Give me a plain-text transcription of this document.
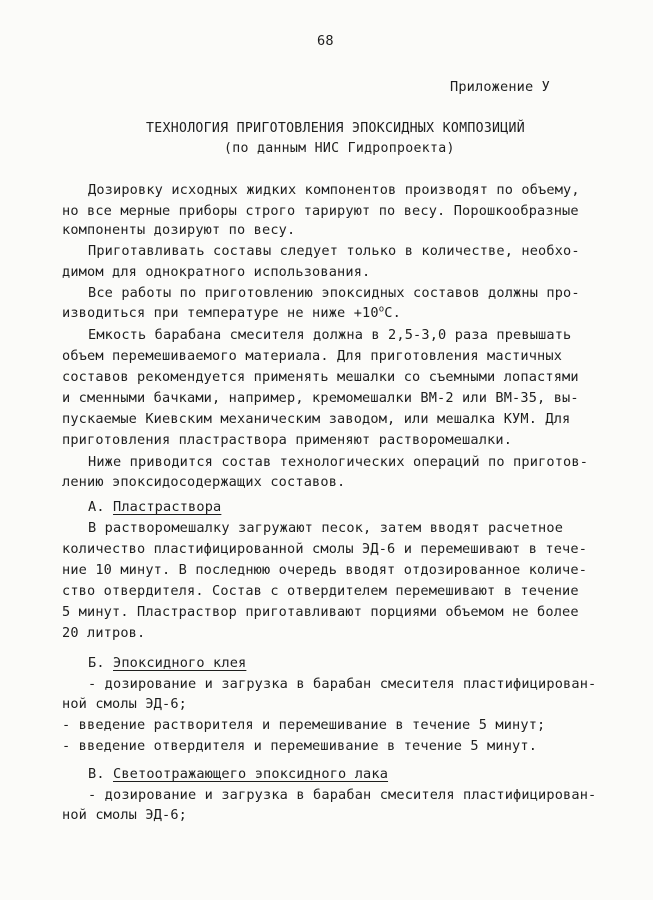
68
Приложение У
ТЕХНОЛОГИЯ ПРИГОТОВЛЕНИЯ ЭПОКСИДНЫХ КОМПОЗИЦИЙ
(по данным НИС Гидропроекта)
Дозировку исходных жидких компонентов производят по объему,
но все мерные приборы строго тарируют по весу. Порошкообразные
компоненты дозируют по весу.
Приготавливать составы следует только в количестве, необхо-
димом для однократного использования.
Все работы по приготовлению эпоксидных составов должны про-
изводиться при температуре не ниже $+10^оС$.
Емкость барабана смесителя должна в 2,5-3,0 раза превышать
объем перемешиваемого материала. Для приготовления мастичных
составов рекомендуется применять мешалки со съемными лопастями
и сменными бачками, например, кремомешалки ВМ-2 или ВМ-35, вы-
пускаемые Киевским механическим заводом, или мешалка КУМ. Для
приготовления пластраствора применяют растворомешалки.
Ниже приводится состав технологических операций по приготов-
лению эпоксидосодержащих составов.
А. Пластраствора
В растворомешалку загружают песок, затем вводят расчетное
количество пластифицированной смолы ЭД-6 и перемешивают в тече-
ние 10 минут. В последнюю очередь вводят отдозированное количе-
ство отвердителя. Состав с отвердителем перемешивают в течение
5 минут. Пластраствор приготавливают порциями объемом не более
20 литров.
Б. Эпоксидного клея
- дозирование и загрузка в барабан смесителя пластифицирован-
ной смолы ЭД-6;
- введение растворителя и перемешивание в течение 5 минут;
- введение отвердителя и перемешивание в течение 5 минут.
В. Светоотражающего эпоксидного лака
- дозирование и загрузка в барабан смесителя пластифицирован-
ной смолы ЭД-6;
